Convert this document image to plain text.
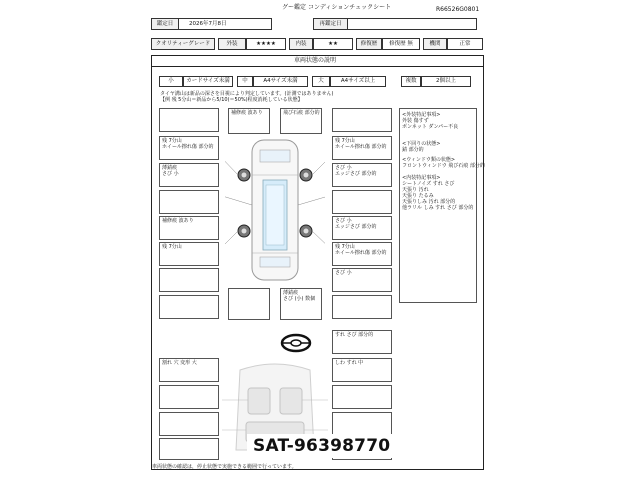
グー鑑定 コンディションチェックシート	R66526G0801
鑑定日	2026年7月8日	再鑑定日
クオリティーグレード	外装	★★★★	内装	★★	修復歴	修復歴 無	機関	正常
車両状態の説明
小	カードサイズ未満	中	A4サイズ未満	大	A4サイズ以上	複数	2個以上
タイヤ溝山は新品の深さを目視により判定しています。(計測ではありません)
【例 残 5分山＝新品から5/10(＝50%)程度消耗している状態】
残 7分山
ホイール擦れ傷 部分的
薄錆痕
さび 小
補修痕 波あり
残 7分山
補修痕 波あり	飛び石痕 部分的
残 7分山
ホイール擦れ傷 部分的
さび 小
エッジさび 部分的
さび 小
エッジさび 部分的
残 7分山
ホイール擦れ傷 部分的
さび 小
薄錆痕
さび (小) 数個
すれ さび 部分的
割れ 穴 変形 大	しわ すれ 中
<外装特記事項>
外装 傷すず
ボンネット ダンパー不良
<下回りの状態>
錆 部分的
<ウィンドウ類の状態>
フロントウィンドウ 飛び石痕 部分的
<内装特記事項>
シートノイズ すれ さび
天張り 汚れ
天張り たるみ
天張りしみ 汚れ 部分的
他ラリル しみ すれ さび 部分的
SAT-96398770
車両状態の確認は，停止状態で実施できる範囲で行っています。
